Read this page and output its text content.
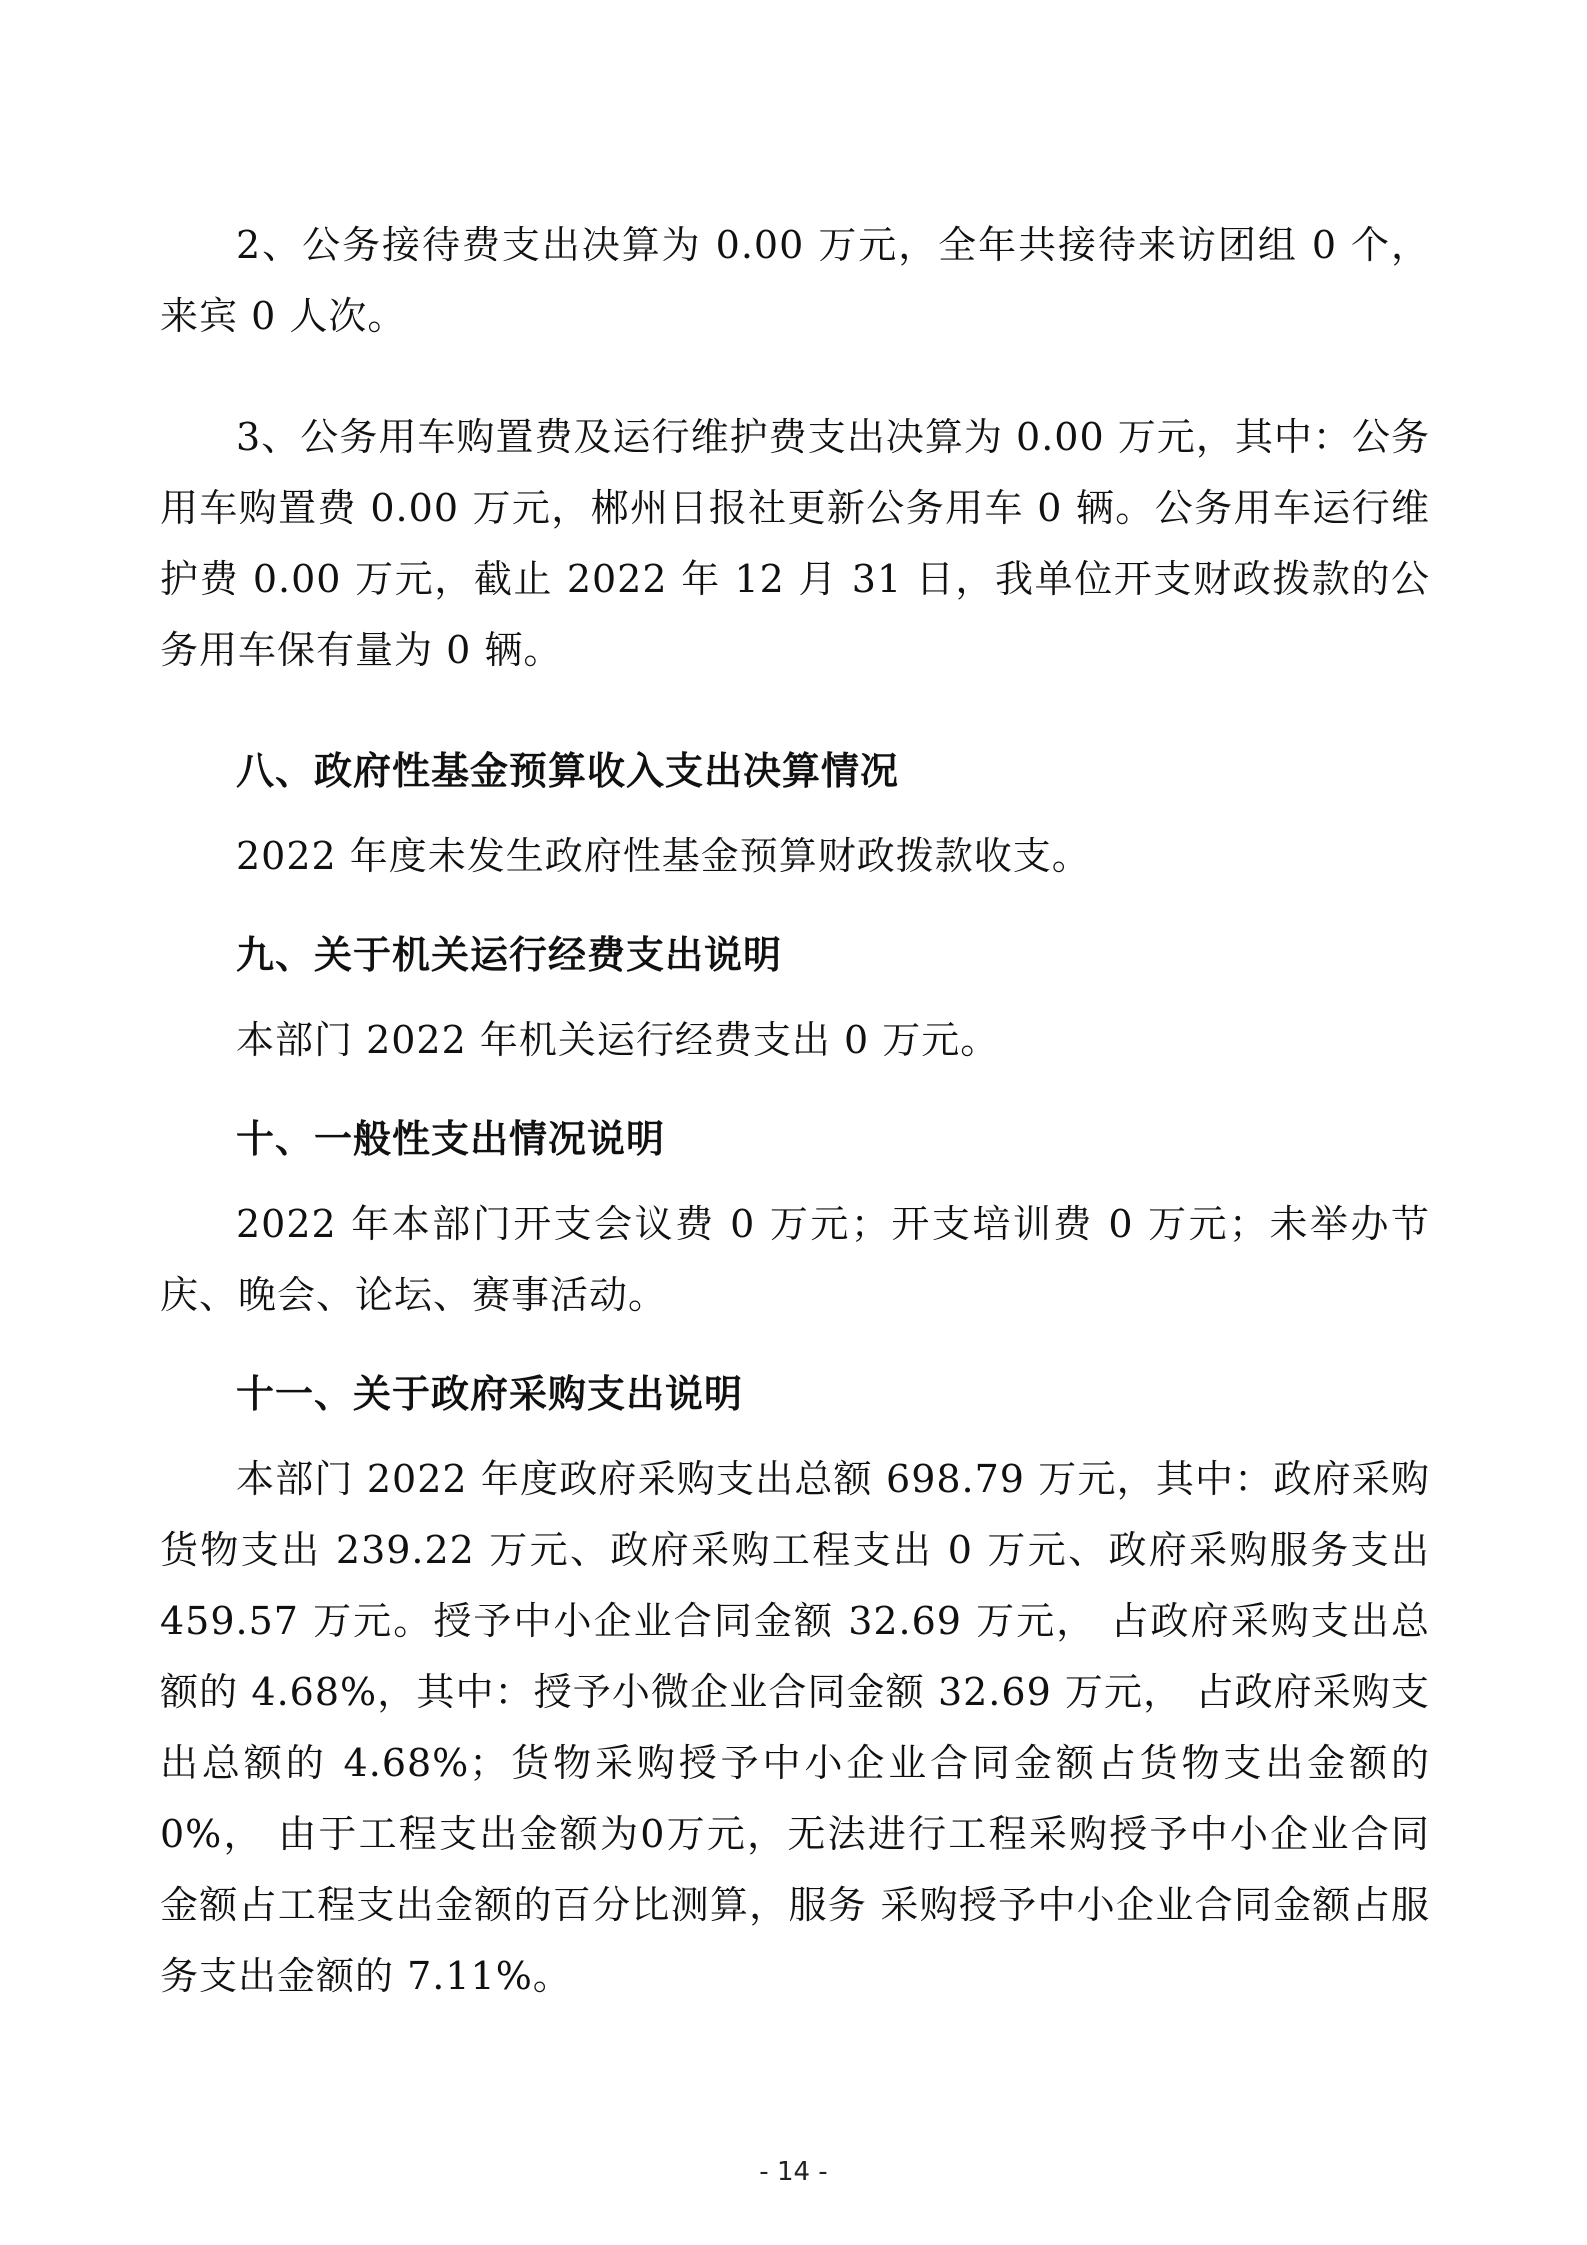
2、公务接待费支出决算为 0.00 万元，全年共接待来访团组 0 个，来宾 0 人次。

3、公务用车购置费及运行维护费支出决算为 0.00 万元，其中：公务用车购置费 0.00 万元，郴州日报社更新公务用车 0 辆。公务用车运行维护费 0.00 万元，截止 2022 年 12 月 31 日，我单位开支财政拨款的公务用车保有量为 0 辆。

八、政府性基金预算收入支出决算情况

2022 年度未发生政府性基金预算财政拨款收支。

九、关于机关运行经费支出说明

本部门 2022 年机关运行经费支出 0 万元。

十、一般性支出情况说明

2022 年本部门开支会议费 0 万元；开支培训费 0 万元；未举办节庆、晚会、论坛、赛事活动。

十一、关于政府采购支出说明

本部门 2022 年度政府采购支出总额 698.79 万元，其中：政府采购货物支出 239.22 万元、政府采购工程支出 0 万元、政府采购服务支出 459.57 万元。授予中小企业合同金额 32.69 万元， 占政府采购支出总额的 4.68%，其中：授予小微企业合同金额 32.69 万元， 占政府采购支出总额的 4.68%；货物采购授予中小企业合同金额占货物支出金额的 0%， 由于工程支出金额为0万元，无法进行工程采购授予中小企业合同金额占工程支出金额的百分比测算，服务 采购授予中小企业合同金额占服务支出金额的 7.11%。

- 14 -
